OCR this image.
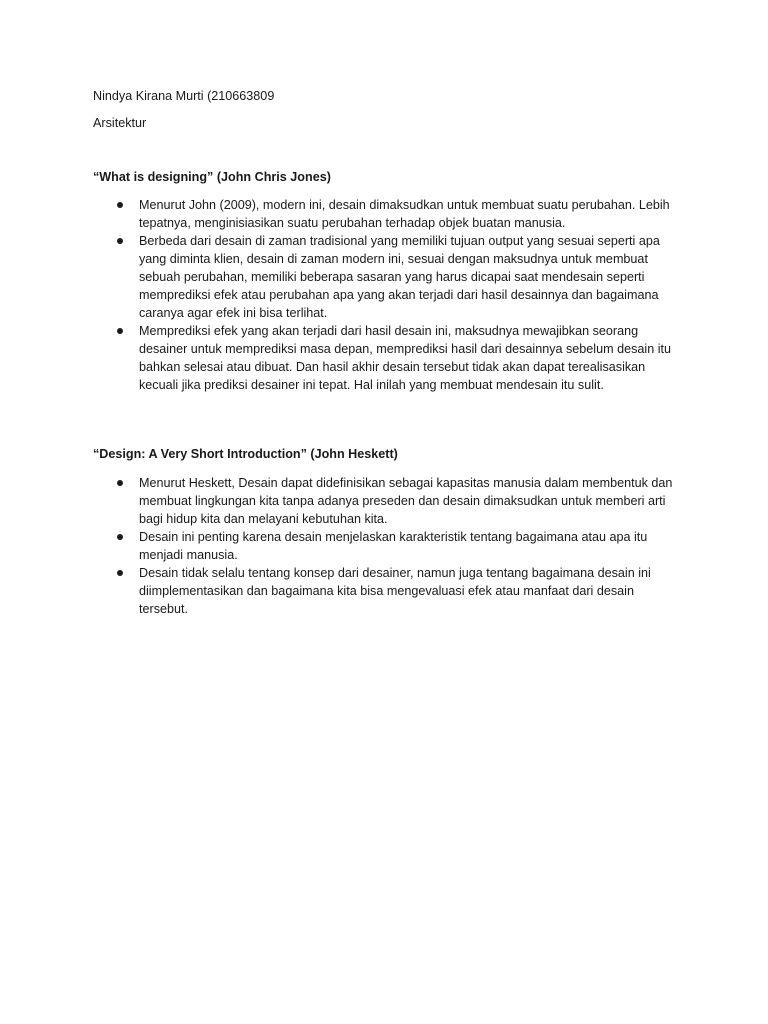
Nindya Kirana Murti (210663809

Arsitektur

“What is designing” (John Chris Jones)

Menurut John (2009), modern ini, desain dimaksudkan untuk membuat suatu perubahan. Lebih tepatnya, menginisiasikan suatu perubahan terhadap objek buatan manusia.
Berbeda dari desain di zaman tradisional yang memiliki tujuan output yang sesuai seperti apa yang diminta klien, desain di zaman modern ini, sesuai dengan maksudnya untuk membuat sebuah perubahan, memiliki beberapa sasaran yang harus dicapai saat mendesain seperti memprediksi efek atau perubahan apa yang akan terjadi dari hasil desainnya dan bagaimana caranya agar efek ini bisa terlihat.
Memprediksi efek yang akan terjadi dari hasil desain ini, maksudnya mewajibkan seorang desainer untuk memprediksi masa depan, memprediksi hasil dari desainnya sebelum desain itu bahkan selesai atau dibuat. Dan hasil akhir desain tersebut tidak akan dapat terealisasikan kecuali jika prediksi desainer ini tepat. Hal inilah yang membuat mendesain itu sulit.

“Design: A Very Short Introduction” (John Heskett)

Menurut Heskett, Desain dapat didefinisikan sebagai kapasitas manusia dalam membentuk dan membuat lingkungan kita tanpa adanya preseden dan desain dimaksudkan untuk memberi arti bagi hidup kita dan melayani kebutuhan kita.
Desain ini penting karena desain menjelaskan karakteristik tentang bagaimana atau apa itu menjadi manusia.
Desain tidak selalu tentang konsep dari desainer, namun juga tentang bagaimana desain ini diimplementasikan dan bagaimana kita bisa mengevaluasi efek atau manfaat dari desain tersebut.
